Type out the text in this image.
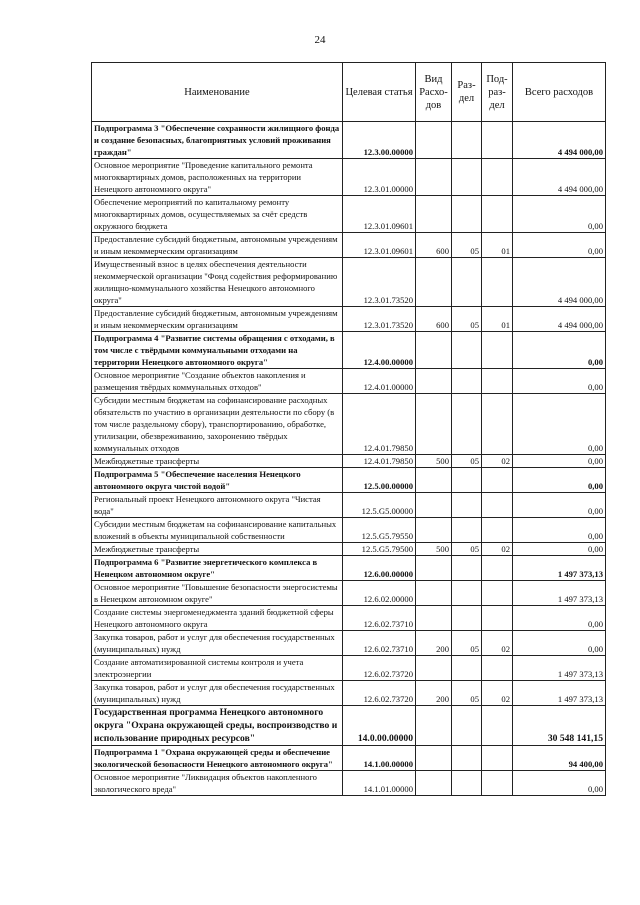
24
Наименование	Целевая статья	Вид Расхо-дов	Раз-дел	Под-раз-дел	Всего расходов
Подпрограмма 3 "Обеспечение сохранности жилищного фонда и создание безопасных, благоприятных условий проживания граждан"	12.3.00.00000				4 494 000,00
Основное мероприятие "Проведение капитального ремонта многоквартирных домов, расположенных на территории Ненецкого автономного округа"	12.3.01.00000				4 494 000,00
Обеспечение мероприятий по капитальному ремонту многоквартирных домов, осуществляемых за счёт средств окружного бюджета	12.3.01.09601				0,00
Предоставление субсидий бюджетным, автономным учреждениям и иным некоммерческим организациям	12.3.01.09601	600	05	01	0,00
Имущественный взнос в целях обеспечения деятельности некоммерческой организации "Фонд содействия реформированию жилищно-коммунального хозяйства Ненецкого автономного округа"	12.3.01.73520				4 494 000,00
Предоставление субсидий бюджетным, автономным учреждениям и иным некоммерческим организациям	12.3.01.73520	600	05	01	4 494 000,00
Подпрограмма 4 "Развитие системы обращения с отходами, в том числе с твёрдыми коммунальными отходами на территории Ненецкого автономного округа"	12.4.00.00000				0,00
Основное мероприятие "Создание объектов накопления и размещения твёрдых коммунальных отходов"	12.4.01.00000				0,00
Субсидии местным бюджетам на софинансирование расходных обязательств по участию в организации деятельности по сбору (в том числе раздельному сбору), транспортированию, обработке, утилизации, обезвреживанию, захоронению твёрдых коммунальных отходов	12.4.01.79850				0,00
Межбюджетные трансферты	12.4.01.79850	500	05	02	0,00
Подпрограмма 5 "Обеспечение населения Ненецкого автономного округа чистой водой"	12.5.00.00000				0,00
Региональный проект Ненецкого автономного округа "Чистая вода"	12.5.G5.00000				0,00
Субсидии местным бюджетам на софинансирование капитальных вложений в объекты муниципальной собственности	12.5.G5.79550				0,00
Межбюджетные трансферты	12.5.G5.79500	500	05	02	0,00
Подпрограмма 6 "Развитие энергетического комплекса в Ненецком автономном округе"	12.6.00.00000				1 497 373,13
Основное мероприятие "Повышение безопасности энергосистемы в Ненецком автономном округе"	12.6.02.00000				1 497 373,13
Создание системы энергоменеджмента зданий бюджетной сферы Ненецкого автономного округа	12.6.02.73710				0,00
Закупка товаров, работ и услуг для обеспечения государственных (муниципальных) нужд	12.6.02.73710	200	05	02	0,00
Создание автоматизированной системы контроля и учета электроэнергии	12.6.02.73720				1 497 373,13
Закупка товаров, работ и услуг для обеспечения государственных (муниципальных) нужд	12.6.02.73720	200	05	02	1 497 373,13
Государственная программа Ненецкого автономного округа "Охрана окружающей среды, воспроизводство и использование природных ресурсов"	14.0.00.00000				30 548 141,15
Подпрограмма 1 "Охрана окружающей среды и обеспечение экологической безопасности Ненецкого автономного округа"	14.1.00.00000				94 400,00
Основное мероприятие "Ликвидация объектов накопленного экологического вреда"	14.1.01.00000				0,00
